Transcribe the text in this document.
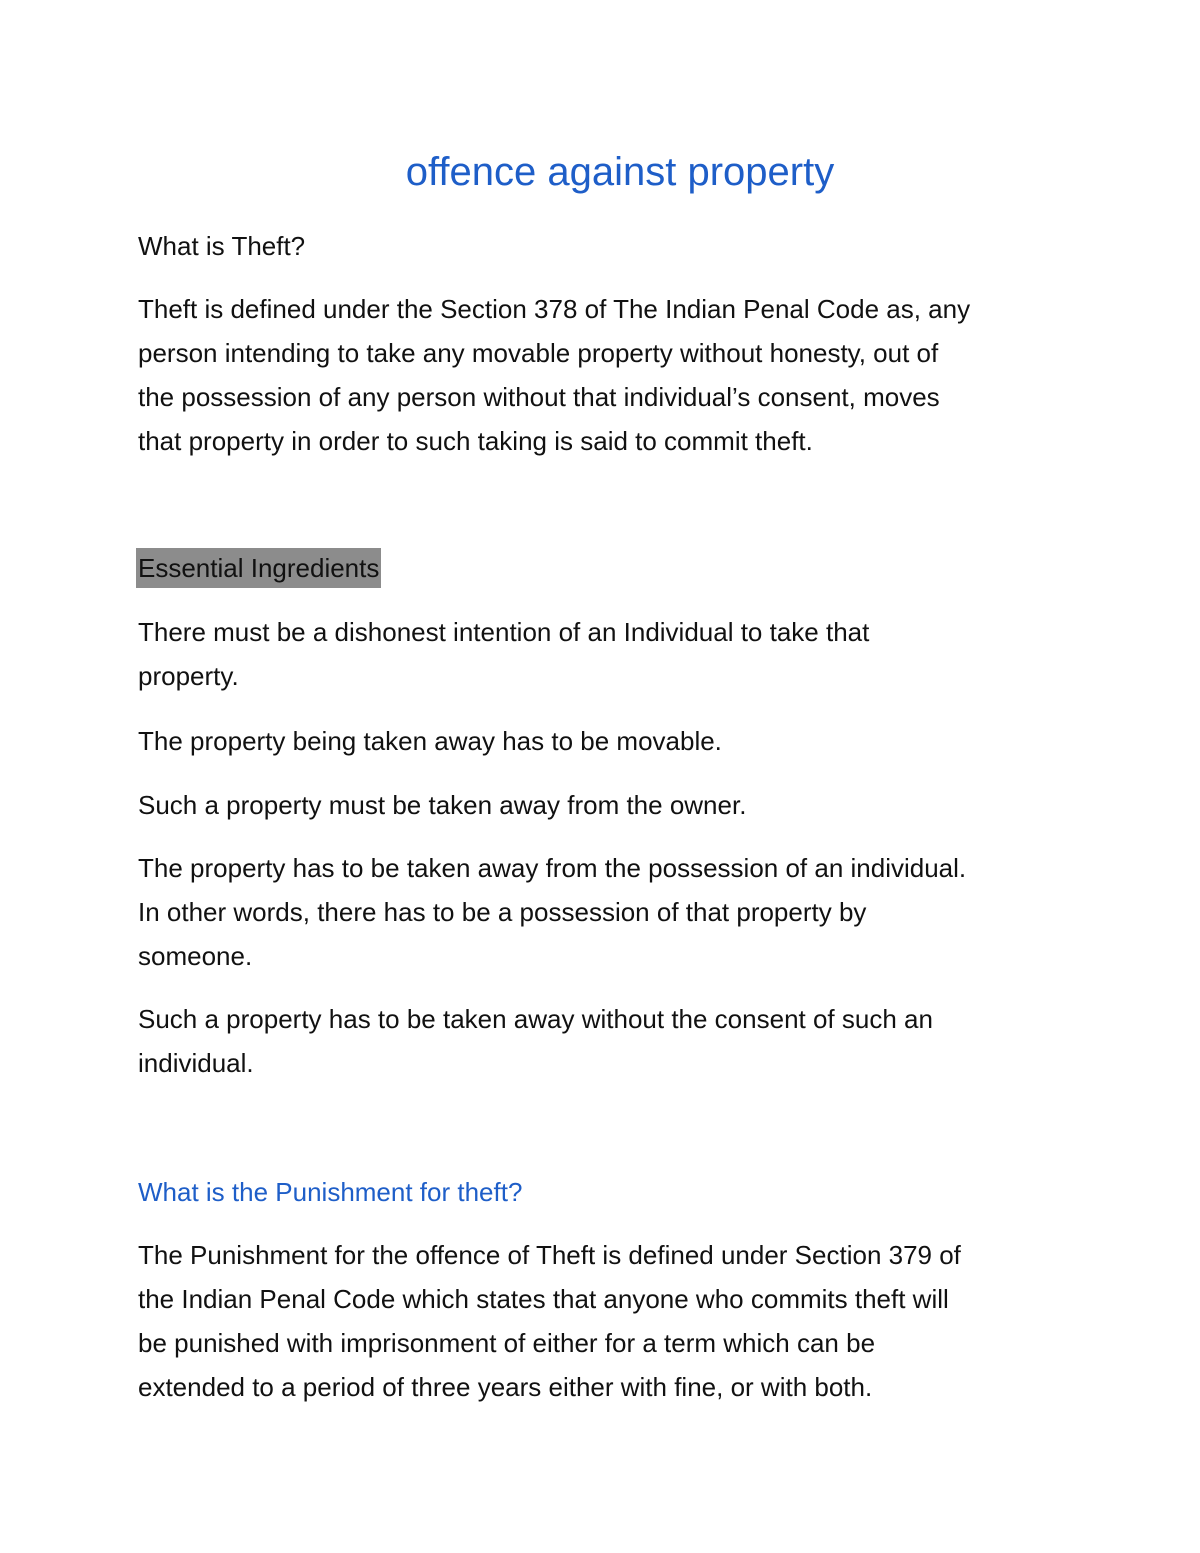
offence against property
What is Theft?
Theft is defined under the Section 378 of The Indian Penal Code as, any
person intending to take any movable property without honesty, out of
the possession of any person without that individual’s consent, moves
that property in order to such taking is said to commit theft.
Essential Ingredients
There must be a dishonest intention of an Individual to take that
property.
The property being taken away has to be movable.
Such a property must be taken away from the owner.
The property has to be taken away from the possession of an individual.
In other words, there has to be a possession of that property by
someone.
Such a property has to be taken away without the consent of such an
individual.
What is the Punishment for theft?
The Punishment for the offence of Theft is defined under Section 379 of
the Indian Penal Code which states that anyone who commits theft will
be punished with imprisonment of either for a term which can be
extended to a period of three years either with fine, or with both.
